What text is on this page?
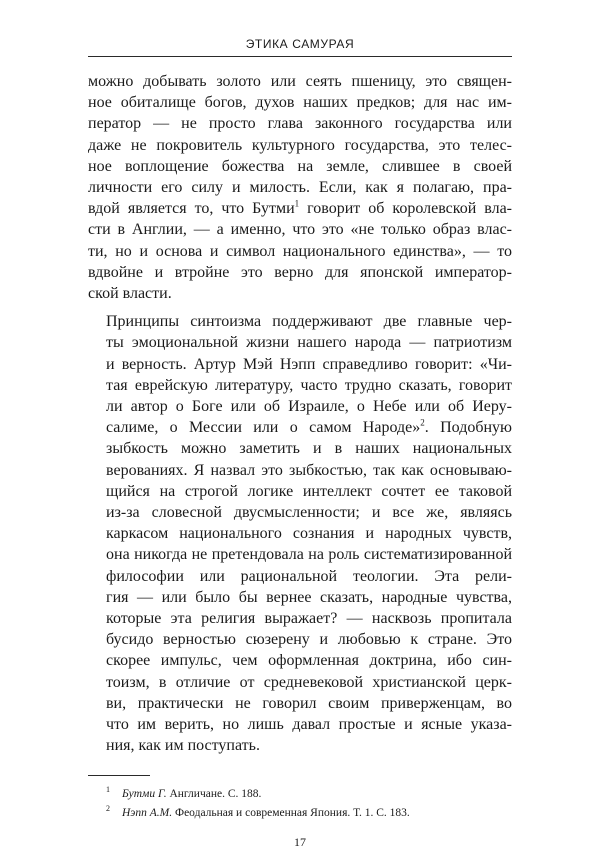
ЭТИКА САМУРАЯ

можно добывать золото или сеять пшеницу, это священ-
ное обиталище богов, духов наших предков; для нас им-
ператор — не просто глава законного государства или
даже не покровитель культурного государства, это телес-
ное воплощение божества на земле, слившее в своей
личности его силу и милость. Если, как я полагаю, пра-
вдой является то, что Бутми$^1$ говорит об королевской вла-
сти в Англии, — а именно, что это «не только образ влас-
ти, но и основа и символ национального единства», — то
вдвойне и втройне это верно для японской император-
ской власти.

Принципы синтоизма поддерживают две главные чер-
ты эмоциональной жизни нашего народа — патриотизм
и верность. Артур Мэй Нэпп справедливо говорит: «Чи-
тая еврейскую литературу, часто трудно сказать, говорит
ли автор о Боге или об Израиле, о Небе или об Иеру-
салиме, о Мессии или о самом Народе»$^2$. Подобную
зыбкость можно заметить и в наших национальных
верованиях. Я назвал это зыбкостью, так как основываю-
щийся на строгой логике интеллект сочтет ее таковой
из-за словесной двусмысленности; и все же, являясь
каркасом национального сознания и народных чувств,
она никогда не претендовала на роль систематизированной
философии или рациональной теологии. Эта рели-
гия — или было бы вернее сказать, народные чувства,
которые эта религия выражает? — насквозь пропитала
бусидо верностью сюзерену и любовью к стране. Это
скорее импульс, чем оформленная доктрина, ибо син-
тоизм, в отличие от средневековой христианской церк-
ви, практически не говорил своим приверженцам, во
что им верить, но лишь давал простые и ясные указа-
ния, как им поступать.

1 Бутми Г. Англичане. С. 188.

2 Нэпп А.М. Феодальная и современная Япония. Т. 1. С. 183.

17
